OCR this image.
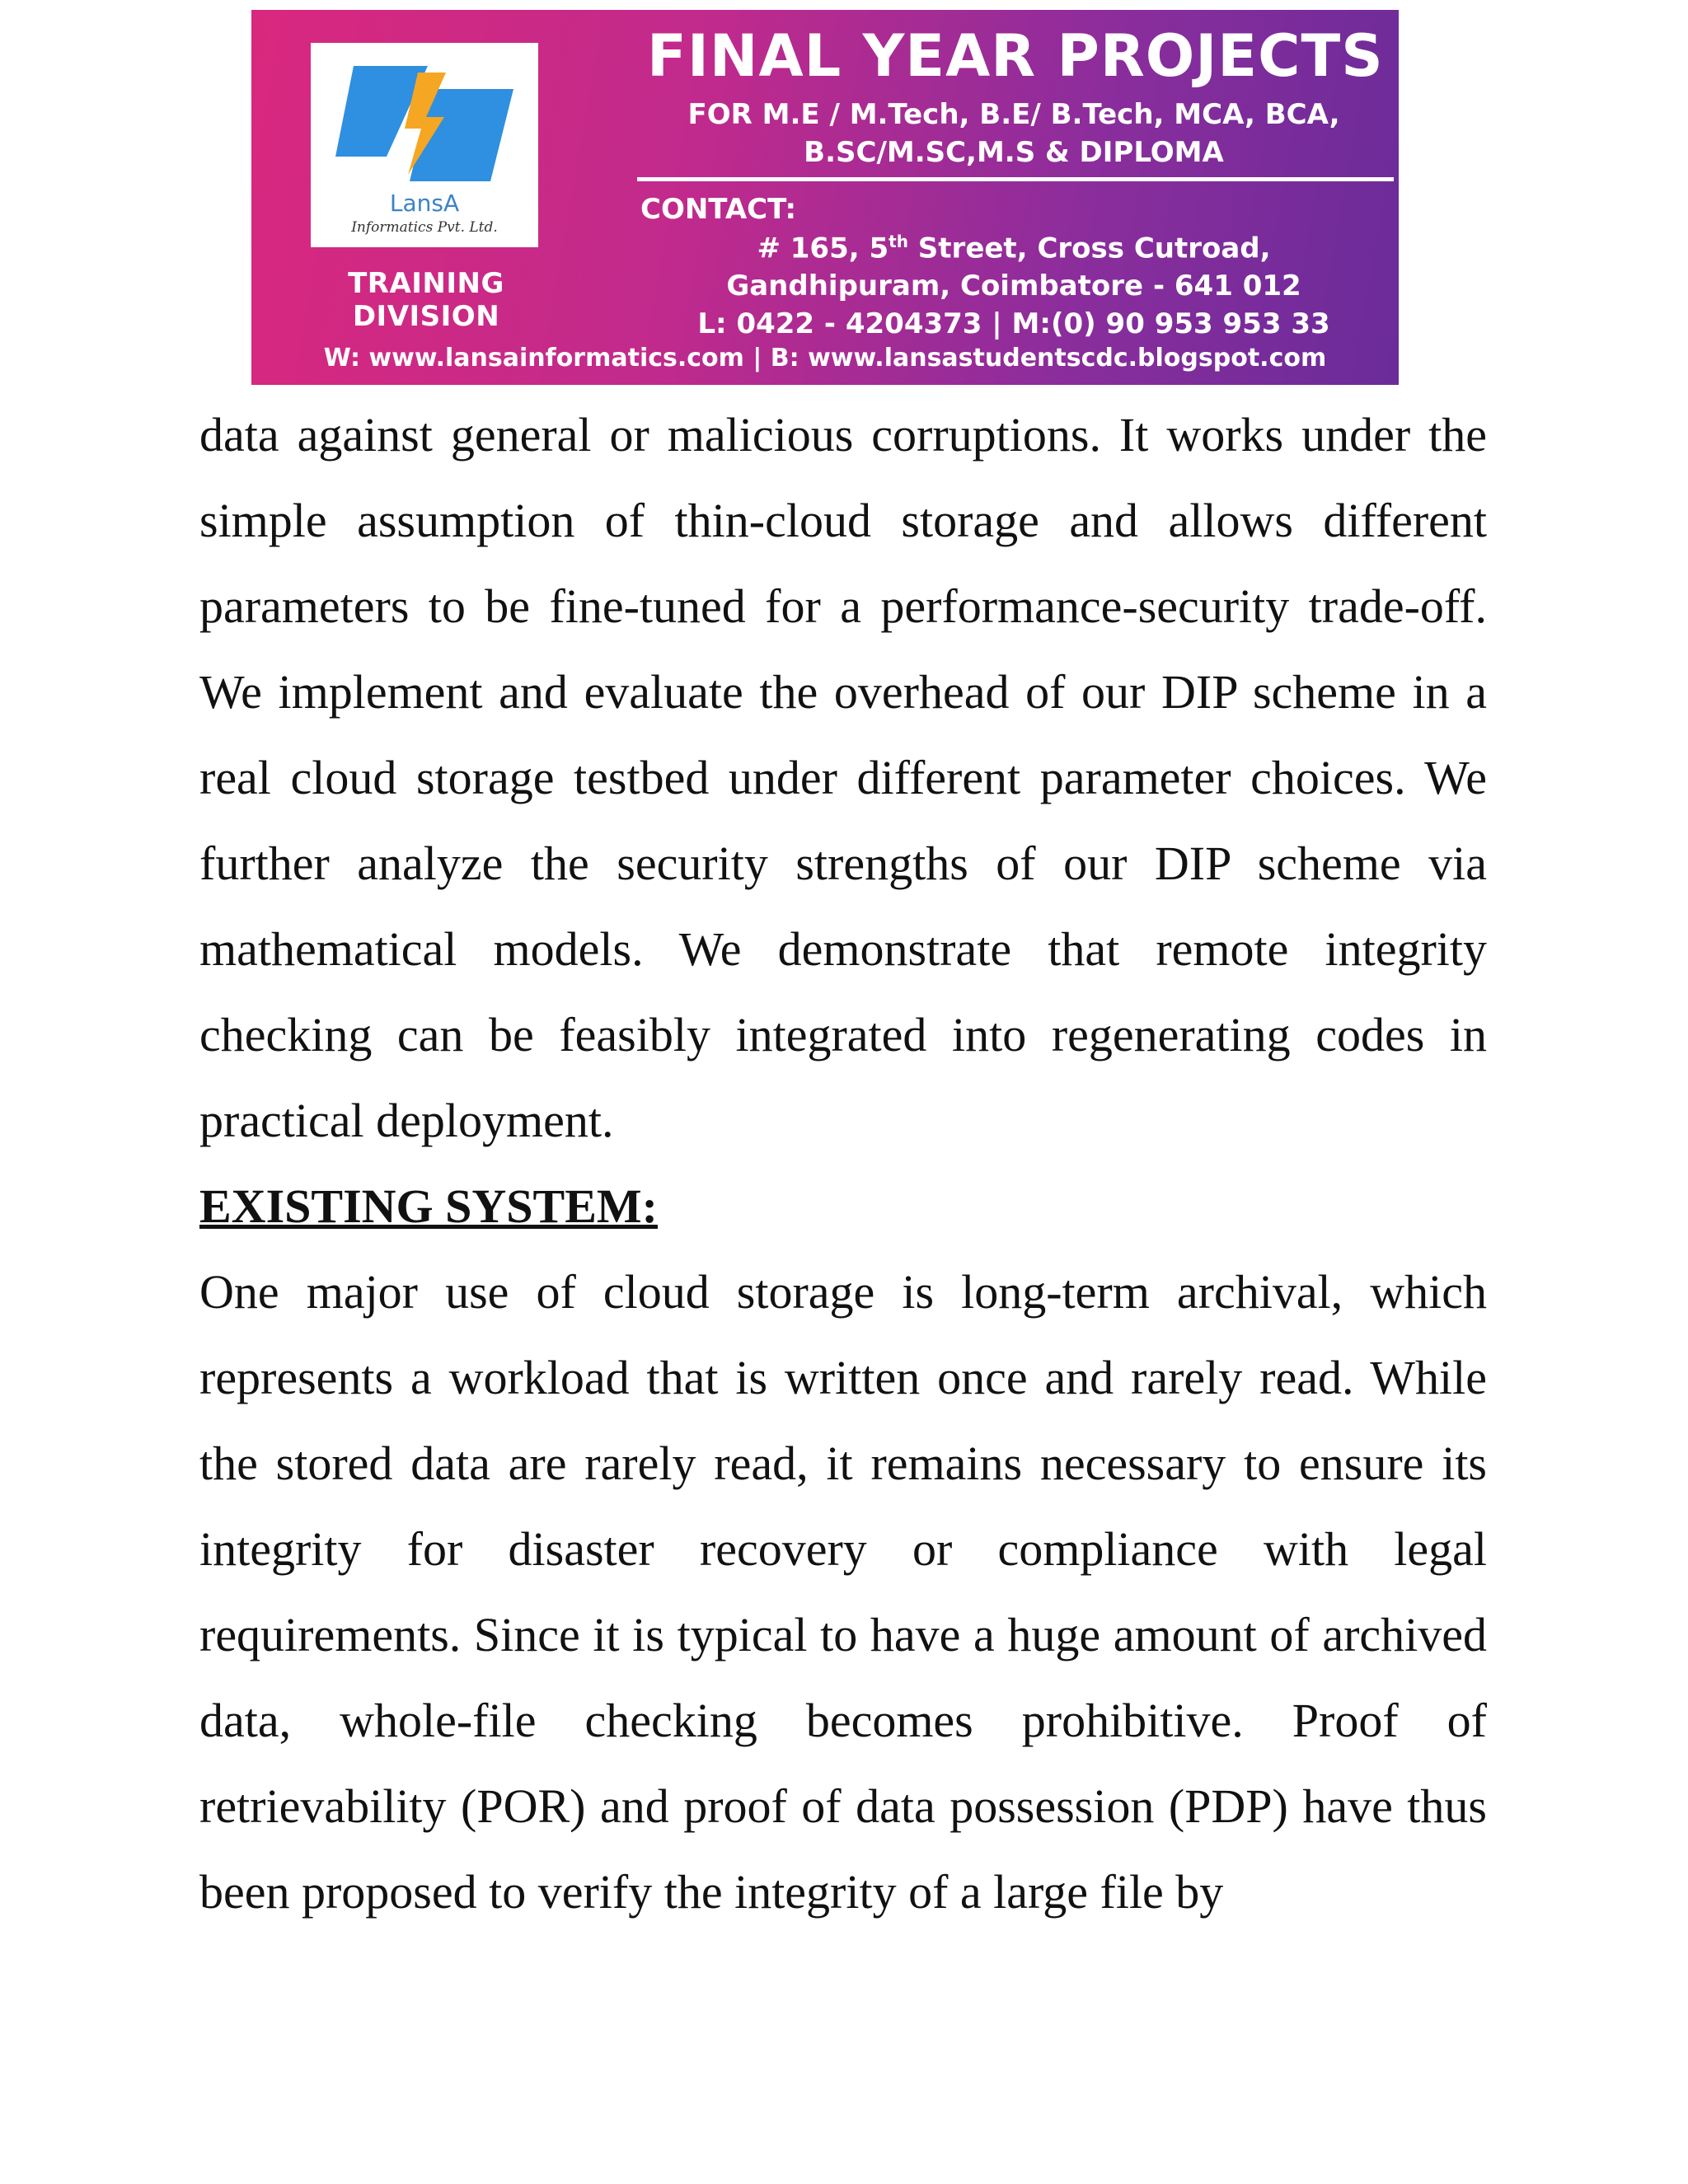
LansA
Informatics Pvt. Ltd.
TRAINING DIVISION
FINAL YEAR PROJECTS
FOR M.E / M.Tech, B.E/ B.Tech, MCA, BCA,
B.SC/M.SC,M.S & DIPLOMA
CONTACT:
# 165, 5th Street, Cross Cutroad,
Gandhipuram, Coimbatore - 641 012
L: 0422 - 4204373 | M:(0) 90 953 953 33
W: www.lansainformatics.com | B: www.lansastudentscdc.blogspot.com

data against general or malicious corruptions. It works under the simple assumption of thin-cloud storage and allows different parameters to be fine-tuned for a performance-security trade-off. We implement and evaluate the overhead of our DIP scheme in a real cloud storage testbed under different parameter choices. We further analyze the security strengths of our DIP scheme via mathematical models. We demonstrate that remote integrity checking can be feasibly integrated into regenerating codes in practical deployment.

EXISTING SYSTEM:

One major use of cloud storage is long-term archival, which represents a workload that is written once and rarely read. While the stored data are rarely read, it remains necessary to ensure its integrity for disaster recovery or compliance with legal requirements. Since it is typical to have a huge amount of archived data, whole-file checking becomes prohibitive. Proof of retrievability (POR) and proof of data possession (PDP) have thus been proposed to verify the integrity of a large file by
